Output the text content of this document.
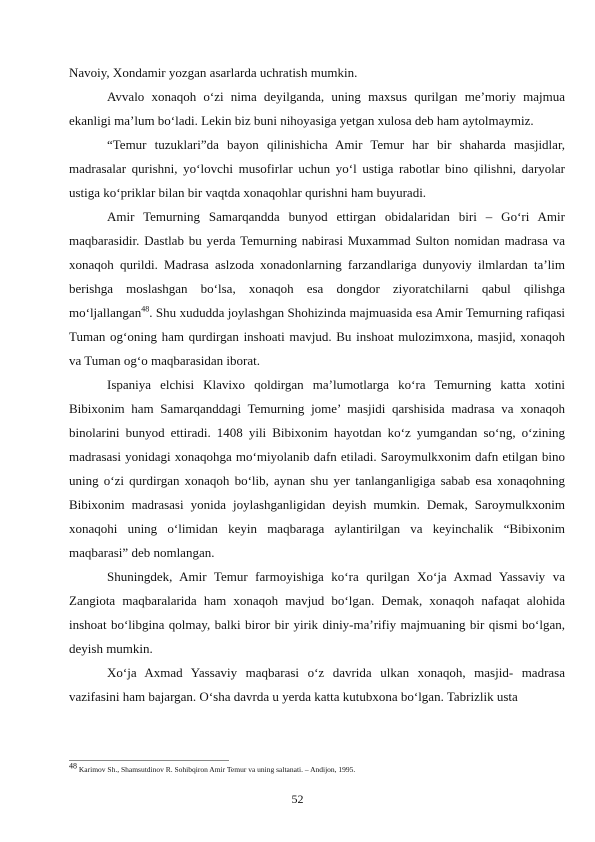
Navoiy, Xondamir yozgan asarlarda uchratish mumkin.

Avvalo xonaqoh o‘zi nima deyilganda, uning maxsus qurilgan me’moriy majmua ekanligi ma’lum bo‘ladi. Lekin biz buni nihoyasiga yetgan xulosa deb ham aytolmaymiz.

“Temur tuzuklari”da bayon qilinishicha Amir Temur har bir shaharda masjidlar, madrasalar qurishni, yo‘lovchi musofirlar uchun yo‘l ustiga rabotlar bino qilishni, daryolar ustiga ko‘priklar bilan bir vaqtda xonaqohlar qurishni ham buyuradi.

Amir Temurning Samarqandda bunyod ettirgan obidalaridan biri – Go‘ri Amir maqbarasidir. Dastlab bu yerda Temurning nabirasi Muxammad Sulton nomidan madrasa va xonaqoh qurildi. Madrasa aslzoda xonadonlarning farzandlariga dunyoviy ilmlardan ta’lim berishga moslashgan bo‘lsa, xonaqoh esa dongdor ziyoratchilarni qabul qilishga mo‘ljallangan$^{48}$. Shu xududda joylashgan Shohizinda majmuasida esa Amir Temurning rafiqasi Tuman og‘oning ham qurdirgan inshoati mavjud. Bu inshoat mulozimxona, masjid, xonaqoh va Tuman og‘o maqbarasidan iborat.

Ispaniya elchisi Klavixo qoldirgan ma’lumotlarga ko‘ra Temurning katta xotini Bibixonim ham Samarqanddagi Temurning jome’ masjidi qarshisida madrasa va xonaqoh binolarini bunyod ettiradi. 1408 yili Bibixonim hayotdan ko‘z yumgandan so‘ng, o‘zining madrasasi yonidagi xonaqohga mo‘miyolanib dafn etiladi. Saroymulkxonim dafn etilgan bino uning o‘zi qurdirgan xonaqoh bo‘lib, aynan shu yer tanlanganligiga sabab esa xonaqohning Bibixonim madrasasi yonida joylashganligidan deyish mumkin. Demak, Saroymulkxonim xonaqohi uning o‘limidan keyin maqbaraga aylantirilgan va keyinchalik “Bibixonim maqbarasi” deb nomlangan.

Shuningdek, Amir Temur farmoyishiga ko‘ra qurilgan Xo‘ja Axmad Yassaviy va Zangiota maqbaralarida ham xonaqoh mavjud bo‘lgan. Demak, xonaqoh nafaqat alohida inshoat bo‘libgina qolmay, balki biror bir yirik diniy-ma’rifiy majmuaning bir qismi bo‘lgan, deyish mumkin.

Xo‘ja Axmad Yassaviy maqbarasi o‘z davrida ulkan xonaqoh, masjid- madrasa vazifasini ham bajargan. O‘sha davrda u yerda katta kutubxona bo‘lgan. Tabrizlik usta

$^{48}$ Karimov Sh., Shamsutdinov R. Sohibqiron Amir Temur va uning saltanati. – Andijon, 1995.

52
